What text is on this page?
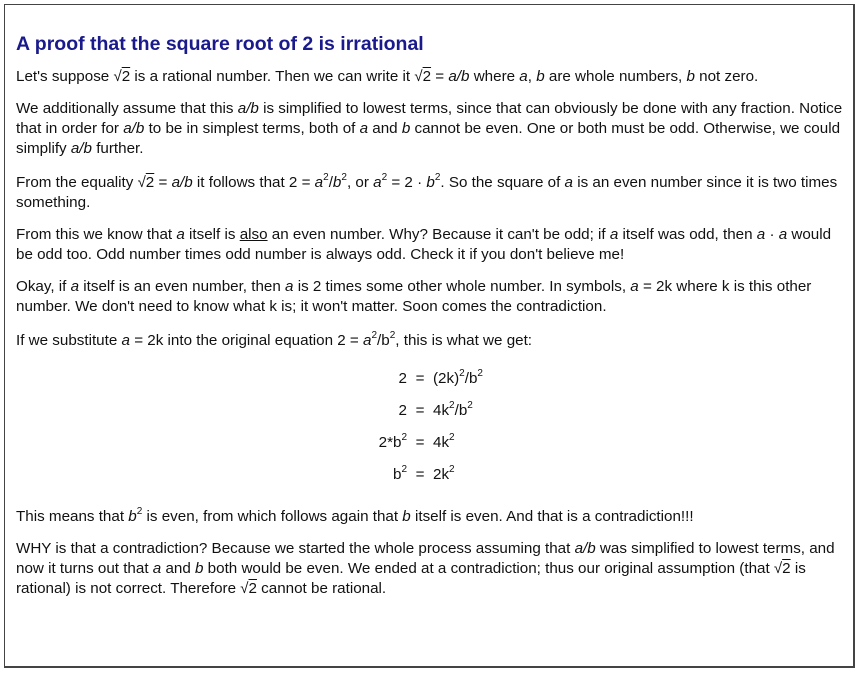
A proof that the square root of 2 is irrational

Let's suppose √2 is a rational number. Then we can write it √2 = a/b where a, b are whole numbers, b not zero.

We additionally assume that this a/b is simplified to lowest terms, since that can obviously be done with any fraction. Notice that in order for a/b to be in simplest terms, both of a and b cannot be even. One or both must be odd. Otherwise, we could simplify a/b further.

From the equality √2 = a/b it follows that $2 = a^2/b^2$, or $a^2 = 2 \cdot b^2$. So the square of a is an even number since it is two times something.

From this we know that a itself is also an even number. Why? Because it can't be odd; if a itself was odd, then a · a would be odd too. Odd number times odd number is always odd. Check it if you don't believe me!

Okay, if a itself is an even number, then a is 2 times some other whole number. In symbols, a = 2k where k is this other number. We don't need to know what k is; it won't matter. Soon comes the contradiction.

If we substitute a = 2k into the original equation $2 = a^2/b^2$, this is what we get:

$2 = (2k)^2/b^2$
$2 = 4k^2/b^2$
$2*b^2 = 4k^2$
$b^2 = 2k^2$

This means that $b^2$ is even, from which follows again that b itself is even. And that is a contradiction!!!

WHY is that a contradiction? Because we started the whole process assuming that a/b was simplified to lowest terms, and now it turns out that a and b both would be even. We ended at a contradiction; thus our original assumption (that √2 is rational) is not correct. Therefore √2 cannot be rational.
